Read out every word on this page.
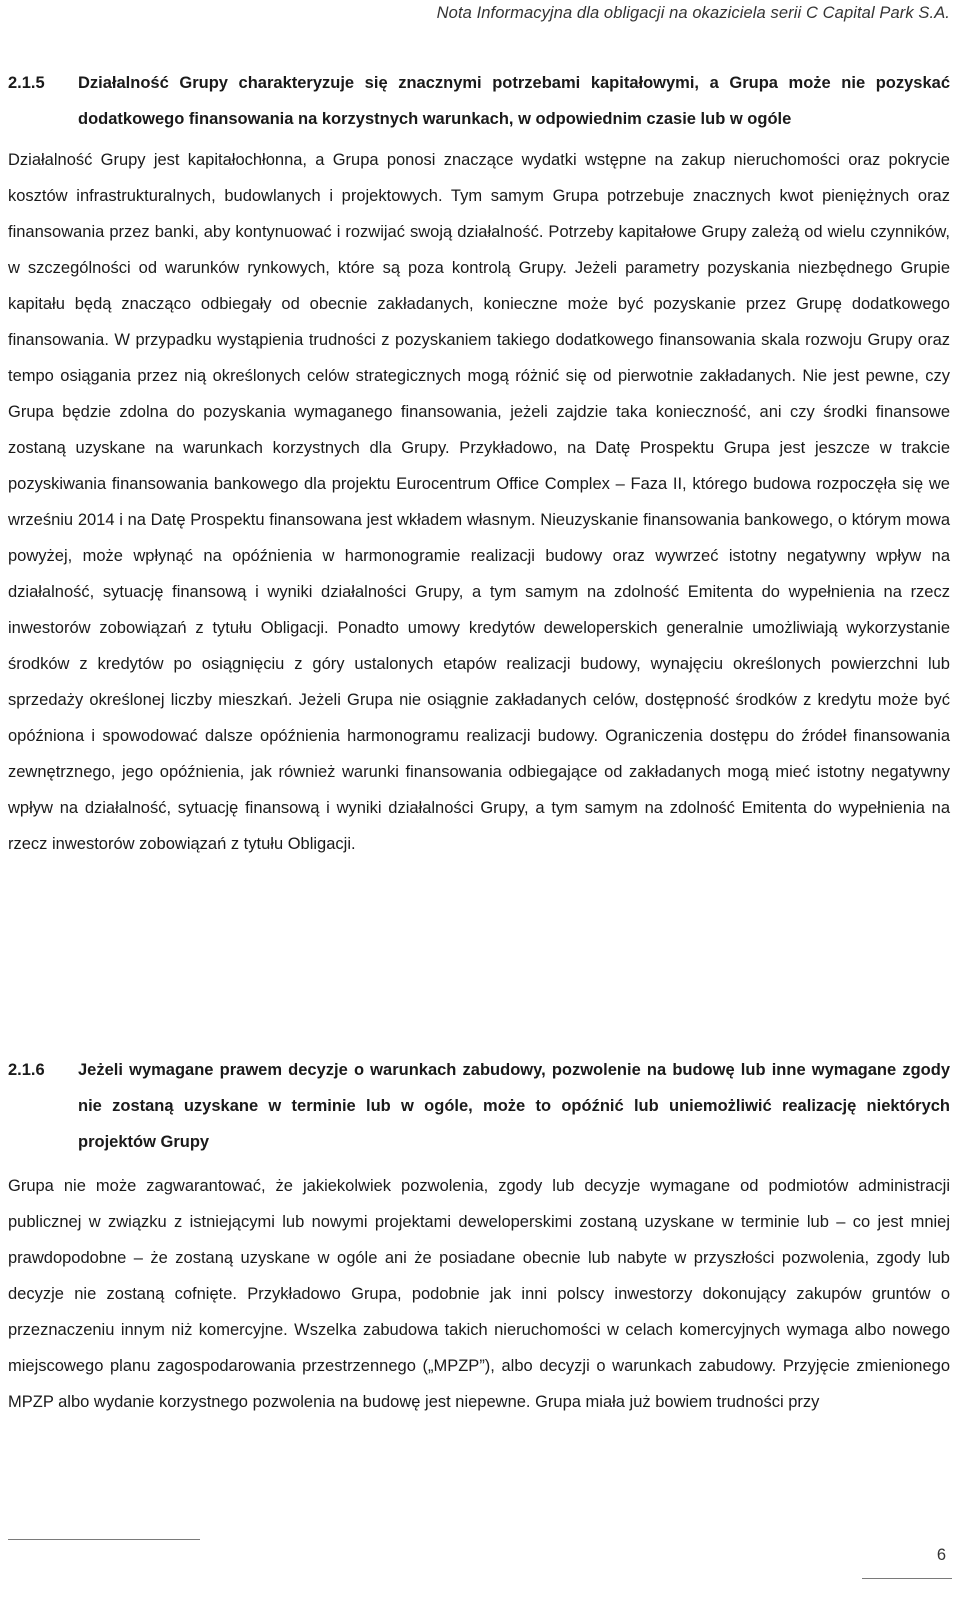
Nota Informacyjna dla obligacji na okaziciela serii C Capital Park S.A.
2.1.5 Działalność Grupy charakteryzuje się znacznymi potrzebami kapitałowymi, a Grupa może nie pozyskać dodatkowego finansowania na korzystnych warunkach, w odpowiednim czasie lub w ogóle

Działalność Grupy jest kapitałochłonna, a Grupa ponosi znaczące wydatki wstępne na zakup nieruchomości oraz pokrycie kosztów infrastrukturalnych, budowlanych i projektowych. Tym samym Grupa potrzebuje znacznych kwot pieniężnych oraz finansowania przez banki, aby kontynuować i rozwijać swoją działalność. Potrzeby kapitałowe Grupy zależą od wielu czynników, w szczególności od warunków rynkowych, które są poza kontrolą Grupy. Jeżeli parametry pozyskania niezbędnego Grupie kapitału będą znacząco odbiegały od obecnie zakładanych, konieczne może być pozyskanie przez Grupę dodatkowego finansowania. W przypadku wystąpienia trudności z pozyskaniem takiego dodatkowego finansowania skala rozwoju Grupy oraz tempo osiągania przez nią określonych celów strategicznych mogą różnić się od pierwotnie zakładanych. Nie jest pewne, czy Grupa będzie zdolna do pozyskania wymaganego finansowania, jeżeli zajdzie taka konieczność, ani czy środki finansowe zostaną uzyskane na warunkach korzystnych dla Grupy. Przykładowo, na Datę Prospektu Grupa jest jeszcze w trakcie pozyskiwania finansowania bankowego dla projektu Eurocentrum Office Complex – Faza II, którego budowa rozpoczęła się we wrześniu 2014 i na Datę Prospektu finansowana jest wkładem własnym. Nieuzyskanie finansowania bankowego, o którym mowa powyżej, może wpłynąć na opóźnienia w harmonogramie realizacji budowy oraz wywrzeć istotny negatywny wpływ na działalność, sytuację finansową i wyniki działalności Grupy, a tym samym na zdolność Emitenta do wypełnienia na rzecz inwestorów zobowiązań z tytułu Obligacji. Ponadto umowy kredytów deweloperskich generalnie umożliwiają wykorzystanie środków z kredytów po osiągnięciu z góry ustalonych etapów realizacji budowy, wynajęciu określonych powierzchni lub sprzedaży określonej liczby mieszkań. Jeżeli Grupa nie osiągnie zakładanych celów, dostępność środków z kredytu może być opóźniona i spowodować dalsze opóźnienia harmonogramu realizacji budowy. Ograniczenia dostępu do źródeł finansowania zewnętrznego, jego opóźnienia, jak również warunki finansowania odbiegające od zakładanych mogą mieć istotny negatywny wpływ na działalność, sytuację finansową i wyniki działalności Grupy, a tym samym na zdolność Emitenta do wypełnienia na rzecz inwestorów zobowiązań z tytułu Obligacji.

2.1.6 Jeżeli wymagane prawem decyzje o warunkach zabudowy, pozwolenie na budowę lub inne wymagane zgody nie zostaną uzyskane w terminie lub w ogóle, może to opóźnić lub uniemożliwić realizację niektórych projektów Grupy

Grupa nie może zagwarantować, że jakiekolwiek pozwolenia, zgody lub decyzje wymagane od podmiotów administracji publicznej w związku z istniejącymi lub nowymi projektami deweloperskimi zostaną uzyskane w terminie lub – co jest mniej prawdopodobne – że zostaną uzyskane w ogóle ani że posiadane obecnie lub nabyte w przyszłości pozwolenia, zgody lub decyzje nie zostaną cofnięte. Przykładowo Grupa, podobnie jak inni polscy inwestorzy dokonujący zakupów gruntów o przeznaczeniu innym niż komercyjne. Wszelka zabudowa takich nieruchomości w celach komercyjnych wymaga albo nowego miejscowego planu zagospodarowania przestrzennego („MPZP”), albo decyzji o warunkach zabudowy. Przyjęcie zmienionego MPZP albo wydanie korzystnego pozwolenia na budowę jest niepewne. Grupa miała już bowiem trudności przy

6
